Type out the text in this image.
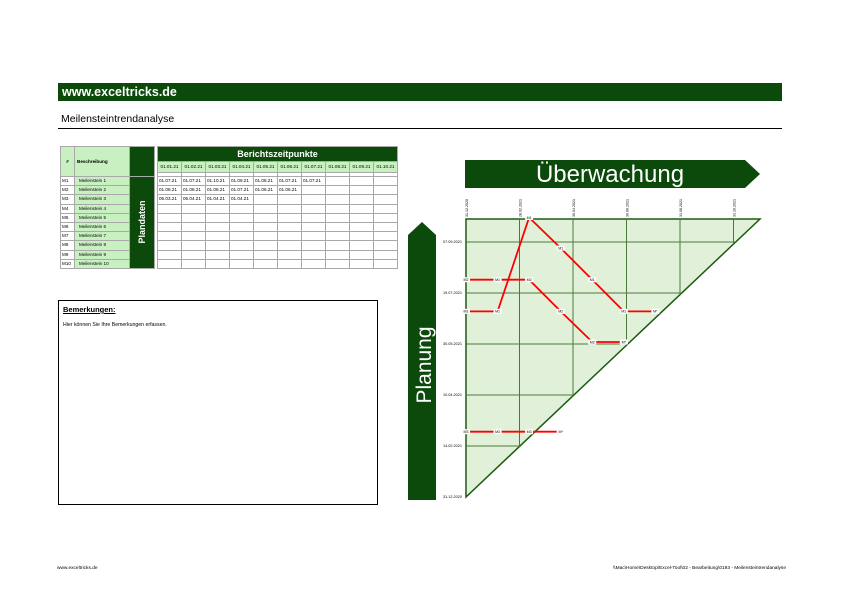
www.exceltricks.de
Meilensteintrendanalyse
#	Beschreibung			Berichtszeitpunkte									
				01.01.21	01.02.21	01.03.21	01.04.21	01.05.21	01.06.21	01.07.21	01.08.21	01.09.21	01.10.21

M1	Meilenstein 1	Plandaten		01.07.21	01.07.21	01.10.21	01.09.21	01.08.21	01.07.21	01.07.21			
M2	Meilenstein 2			01.08.21	01.08.21	01.08.21	01.07.21	01.06.21	01.06.21				
M3	Meilenstein 3			05.03.21	05.04.21	01.04.21	01.04.21						
M4	Meilenstein 4												
M5	Meilenstein 5												
M6	Meilenstein 6												
M7	Meilenstein 7												
M8	Meilenstein 8												
M9	Meilenstein 9												
M10	Meilenstein 10												
Bemerkungen:
Hier können Sie Ihre Bemerkungen erfassen.
Überwachung
Planung
31.12.2020	28.02.2021	30.04.2021	30.06.2021	31.08.2021	31.10.2021
31.12.2020
14.02.2021
10.04.2021
30.05.2021
19.07.2021
07.09.2021
M1	M1
M1
M1
M1
M1	M*
M2	M1	M2
M2
M2	M*
M3	M3	M3	M*
www.exceltricks.de	\\Mac\Home\Desktop\Excel-Tool\02 - Bearbeitung\0193 - Meilensteintrendanalyse
